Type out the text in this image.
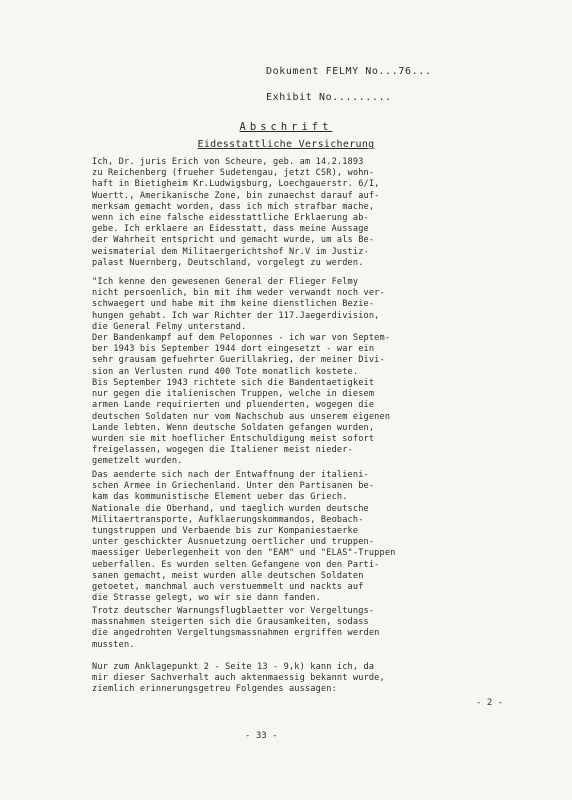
Dokument FELMY No...76...
Exhibit No.........
Abschrift
Eidesstattliche Versicherung
Ich, Dr. juris Erich von Scheure, geb. am 14.2.1893
zu Reichenberg (frueher Sudetengau, jetzt CSR), wohn-
haft in Bietigheim Kr.Ludwigsburg, Loechgauerstr. 6/I,
Wuertt., Amerikanische Zone, bin zunaechst darauf auf-
merksam gemacht worden, dass ich mich strafbar mache,
wenn ich eine falsche eidesstattliche Erklaerung ab-
gebe. Ich erklaere an Eidesstatt, dass meine Aussage
der Wahrheit entspricht und gemacht wurde, um als Be-
weismaterial dem Militaergerichtshof Nr.V im Justiz-
palast Nuernberg, Deutschland, vorgelegt zu werden.
"Ich kenne den gewesenen General der Flieger Felmy
nicht persoenlich, bin mit ihm weder verwandt noch ver-
schwaegert und habe mit ihm keine dienstlichen Bezie-
hungen gehabt. Ich war Richter der 117.Jaegerdivision,
die General Felmy unterstand.
Der Bandenkampf auf dem Peloponnes - ich war von Septem-
ber 1943 bis September 1944 dort eingesetzt - war ein
sehr grausam gefuehrter Guerillakrieg, der meiner Divi-
sion an Verlusten rund 400 Tote monatlich kostete.
Bis September 1943 richtete sich die Bandentaetigkeit
nur gegen die italienischen Truppen, welche in diesem
armen Lande requirierten und pluenderten, wogegen die
deutschen Soldaten nur vom Nachschub aus unserem eigenen
Lande lebten. Wenn deutsche Soldaten gefangen wurden,
wurden sie mit hoeflicher Entschuldigung meist sofort
freigelassen, wogegen die Italiener meist nieder-
gemetzelt wurden.
Das aenderte sich nach der Entwaffnung der italieni-
schen Armee in Griechenland. Unter den Partisanen be-
kam das kommunistische Element ueber das Griech.
Nationale die Oberhand, und taeglich wurden deutsche
Militaertransporte, Aufklaerungskommandos, Beobach-
tungstruppen und Verbaende bis zur Kompaniestaerke
unter geschickter Ausnuetzung oertlicher und truppen-
maessiger Ueberlegenheit von den "EAM" und "ELAS"-Truppen
ueberfallen. Es wurden selten Gefangene von den Parti-
sanen gemacht, meist wurden alle deutschen Soldaten
getoetet, manchmal auch verstuemmelt und nackts auf
die Strasse gelegt, wo wir sie dann fanden.
Trotz deutscher Warnungsflugblaetter vor Vergeltungs-
massnahmen steigerten sich die Grausamkeiten, sodass
die angedrohten Vergeltungsmassnahmen ergriffen werden
mussten.
Nur zum Anklagepunkt 2 - Seite 13 - 9,k) kann ich, da
mir dieser Sachverhalt auch aktenmaessig bekannt wurde,
ziemlich erinnerungsgetreu Folgendes aussagen:
- 2 -
- 33 -
